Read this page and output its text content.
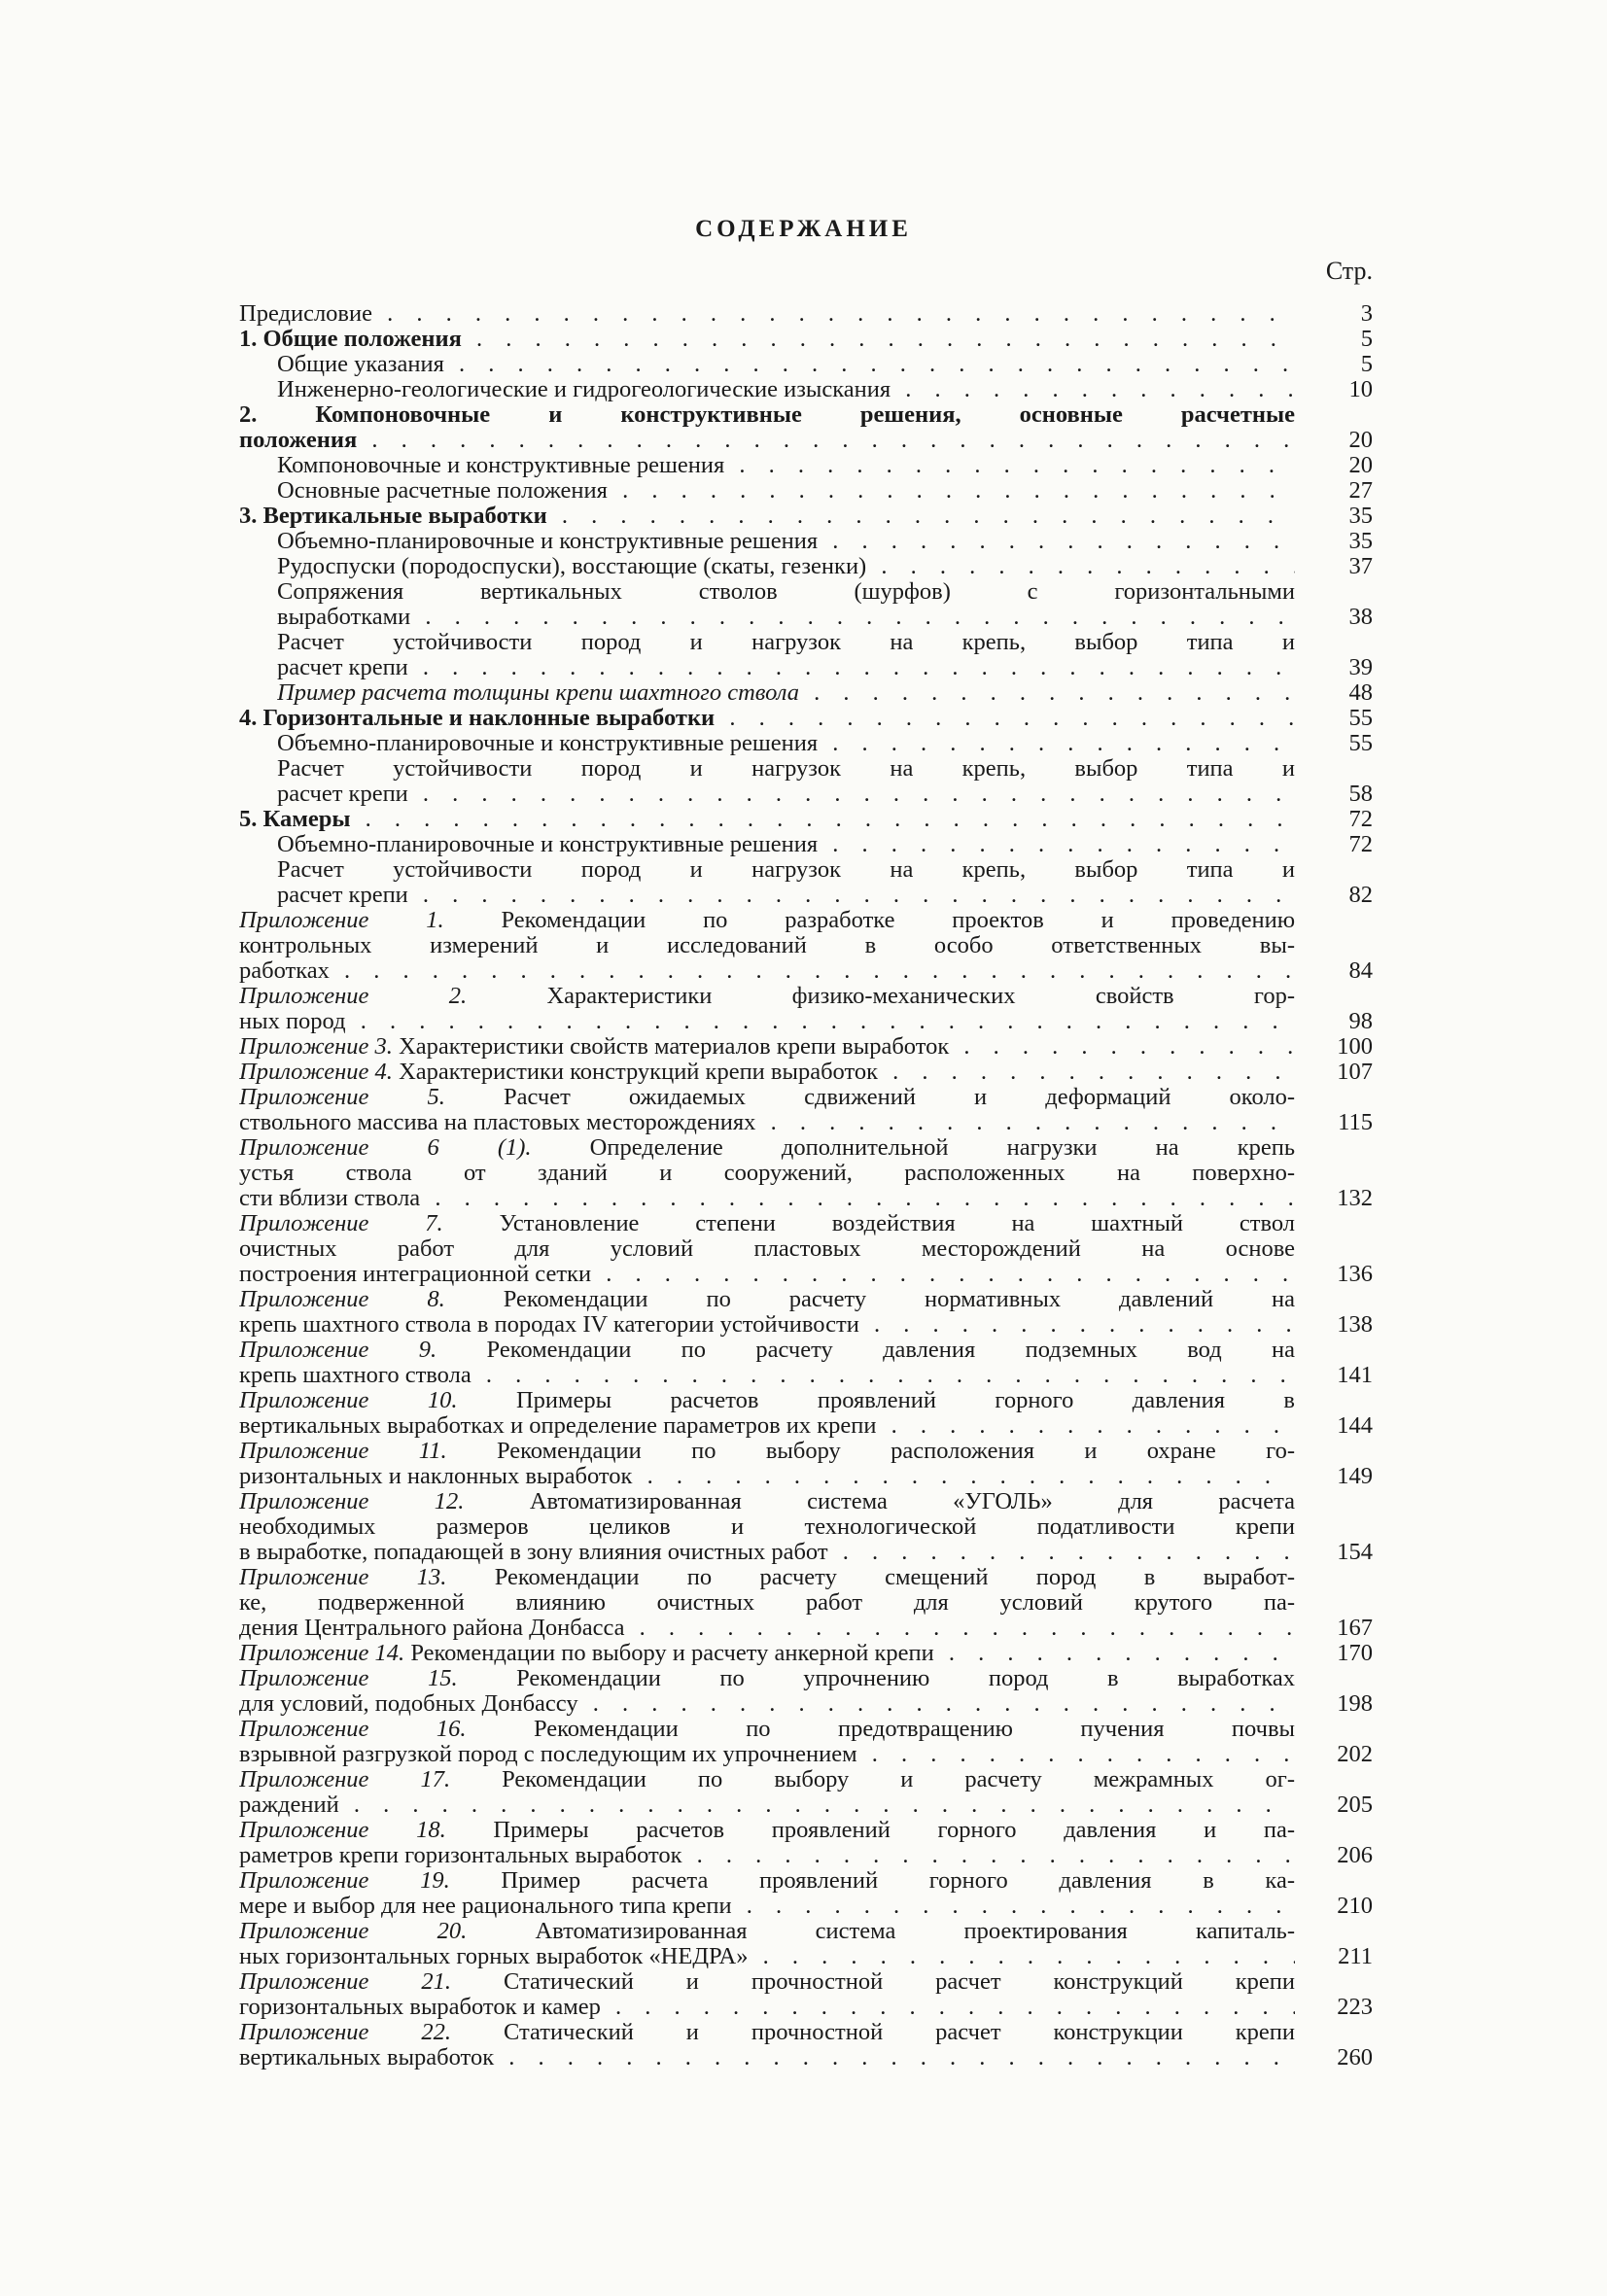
СОДЕРЖАНИЕ
Стр.
Предисловие . .	3
1. Общие положения . .	5
Общие указания . .	5
Инженерно-геологические и гидрогеологические изыскания . .	10
2. Компоновочные и конструктивные решения, основные расчетные
положения . .	20
Компоновочные и конструктивные решения . .	20
Основные расчетные положения . .	27
3. Вертикальные выработки . .	35
Объемно-планировочные и конструктивные решения . .	35
Рудоспуски (породоспуски), восстающие (скаты, гезенки) . .	37
Сопряжения вертикальных стволов (шурфов) с горизонтальными
выработками . .	38
Расчет устойчивости пород и нагрузок на крепь, выбор типа и
расчет крепи . .	39
Пример расчета толщины крепи шахтного ствола . .	48
4. Горизонтальные и наклонные выработки . .	55
Объемно-планировочные и конструктивные решения . .	55
Расчет устойчивости пород и нагрузок на крепь, выбор типа и
расчет крепи . .	58
5. Камеры . .	72
Объемно-планировочные и конструктивные решения . .	72
Расчет устойчивости пород и нагрузок на крепь, выбор типа и
расчет крепи . .	82
Приложение 1. Рекомендации по разработке проектов и проведению
контрольных измерений и исследований в особо ответственных вы-
работках . .	84
Приложение 2.	Характеристики физико-механических свойств гор-
ных пород . .	98
Приложение 3. Характеристики свойств материалов крепи выработок . .	100
Приложение 4. Характеристики конструкций крепи выработок . .	107
Приложение 5. Расчет ожидаемых сдвижений и деформаций около-
ствольного массива на пластовых месторождениях . .	115
Приложение 6 (1). Определение дополнительной нагрузки на крепь
устья ствола от зданий и сооружений, расположенных на поверхно-
сти вблизи ствола . .	132
Приложение 7. Установление степени воздействия на шахтный ствол
очистных работ для условий пластовых месторождений на основе
построения интеграционной сетки . .	136
Приложение 8. Рекомендации по расчету нормативных давлений на
крепь шахтного ствола в породах IV категории устойчивости . .	138
Приложение 9. Рекомендации по расчету давления подземных вод на
крепь шахтного ствола . .	141
Приложение 10. Примеры расчетов проявлений горного давления в
вертикальных выработках и определение параметров их крепи . .	144
Приложение 11. Рекомендации по выбору расположения и охране го-
ризонтальных и наклонных выработок . .	149
Приложение 12.	Автоматизированная система «УГОЛЬ» для расчета
необходимых размеров целиков и технологической податливости крепи
в выработке, попадающей в зону влияния очистных работ . .	154
Приложение 13. Рекомендации по расчету смещений пород в выработ-
ке, подверженной влиянию очистных работ для условий крутого па-
дения Центрального района Донбасса . .	167
Приложение 14. Рекомендации по выбору и расчету анкерной крепи . .	170
Приложение 15. Рекомендации по упрочнению пород в выработках
для условий, подобных Донбассу . .	198
Приложение 16.	Рекомендации по предотвращению пучения почвы
взрывной разгрузкой пород с последующим их упрочнением . .	202
Приложение 17. Рекомендации по выбору и расчету межрамных ог-
раждений . .	205
Приложение 18. Примеры расчетов проявлений горного давления и па-
раметров крепи горизонтальных выработок . .	206
Приложение 19. Пример расчета проявлений горного давления в ка-
мере и выбор для нее рационального типа крепи . .	210
Приложение 20.	Автоматизированная система проектирования капиталь-
ных горизонтальных горных выработок «НЕДРА» . .	211
Приложение 21. Статический и прочностной расчет конструкций крепи
горизонтальных выработок и камер . .	223
Приложение 22. Статический и прочностной расчет конструкции крепи
вертикальных выработок . .	260
